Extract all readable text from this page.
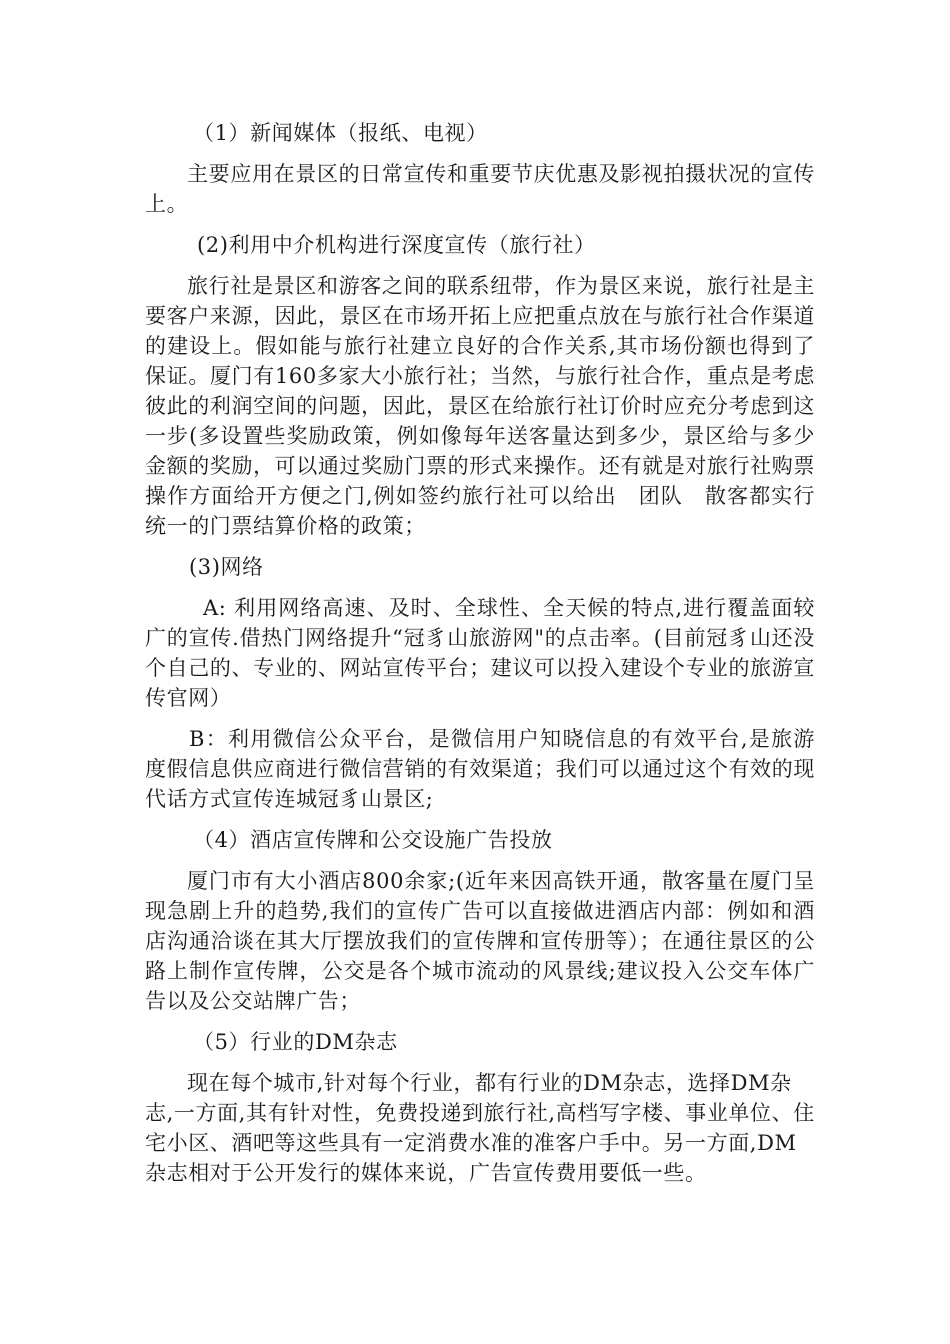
（1）新闻媒体（报纸、电视）
主要应用在景区的日常宣传和重要节庆优惠及影视拍摄状况的宣传上。
(2)利用中介机构进行深度宣传（旅行社）
旅行社是景区和游客之间的联系纽带，作为景区来说，旅行社是主要客户来源，因此，景区在市场开拓上应把重点放在与旅行社合作渠道的建设上。假如能与旅行社建立良好的合作关系,其市场份额也得到了保证。厦门有160多家大小旅行社；当然，与旅行社合作，重点是考虑彼此的利润空间的问题，因此，景区在给旅行社订价时应充分考虑到这一步(多设置些奖励政策，例如像每年送客量达到多少，景区给与多少金额的奖励，可以通过奖励门票的形式来操作。还有就是对旅行社购票操作方面给开方便之门,例如签约旅行社可以给出　团队　散客都实行统一的门票结算价格的政策；
(3)网络
A: 利用网络高速、及时、全球性、全天候的特点,进行覆盖面较广的宣传.借热门网络提升“冠豸山旅游网"的点击率。(目前冠豸山还没个自己的、专业的、网站宣传平台；建议可以投入建设个专业的旅游宣传官网）
B：利用微信公众平台，是微信用户知晓信息的有效平台,是旅游度假信息供应商进行微信营销的有效渠道；我们可以通过这个有效的现代话方式宣传连城冠豸山景区;
（4）酒店宣传牌和公交设施广告投放
厦门市有大小酒店800余家;(近年来因高铁开通，散客量在厦门呈现急剧上升的趋势,我们的宣传广告可以直接做进酒店内部：例如和酒店沟通洽谈在其大厅摆放我们的宣传牌和宣传册等）；在通往景区的公路上制作宣传牌，公交是各个城市流动的风景线;建议投入公交车体广告以及公交站牌广告；
（5）行业的DM杂志
现在每个城市,针对每个行业，都有行业的DM杂志，选择DM杂志,一方面,其有针对性，免费投递到旅行社,高档写字楼、事业单位、住宅小区、酒吧等这些具有一定消费水准的准客户手中。另一方面,DM杂志相对于公开发行的媒体来说，广告宣传费用要低一些。
